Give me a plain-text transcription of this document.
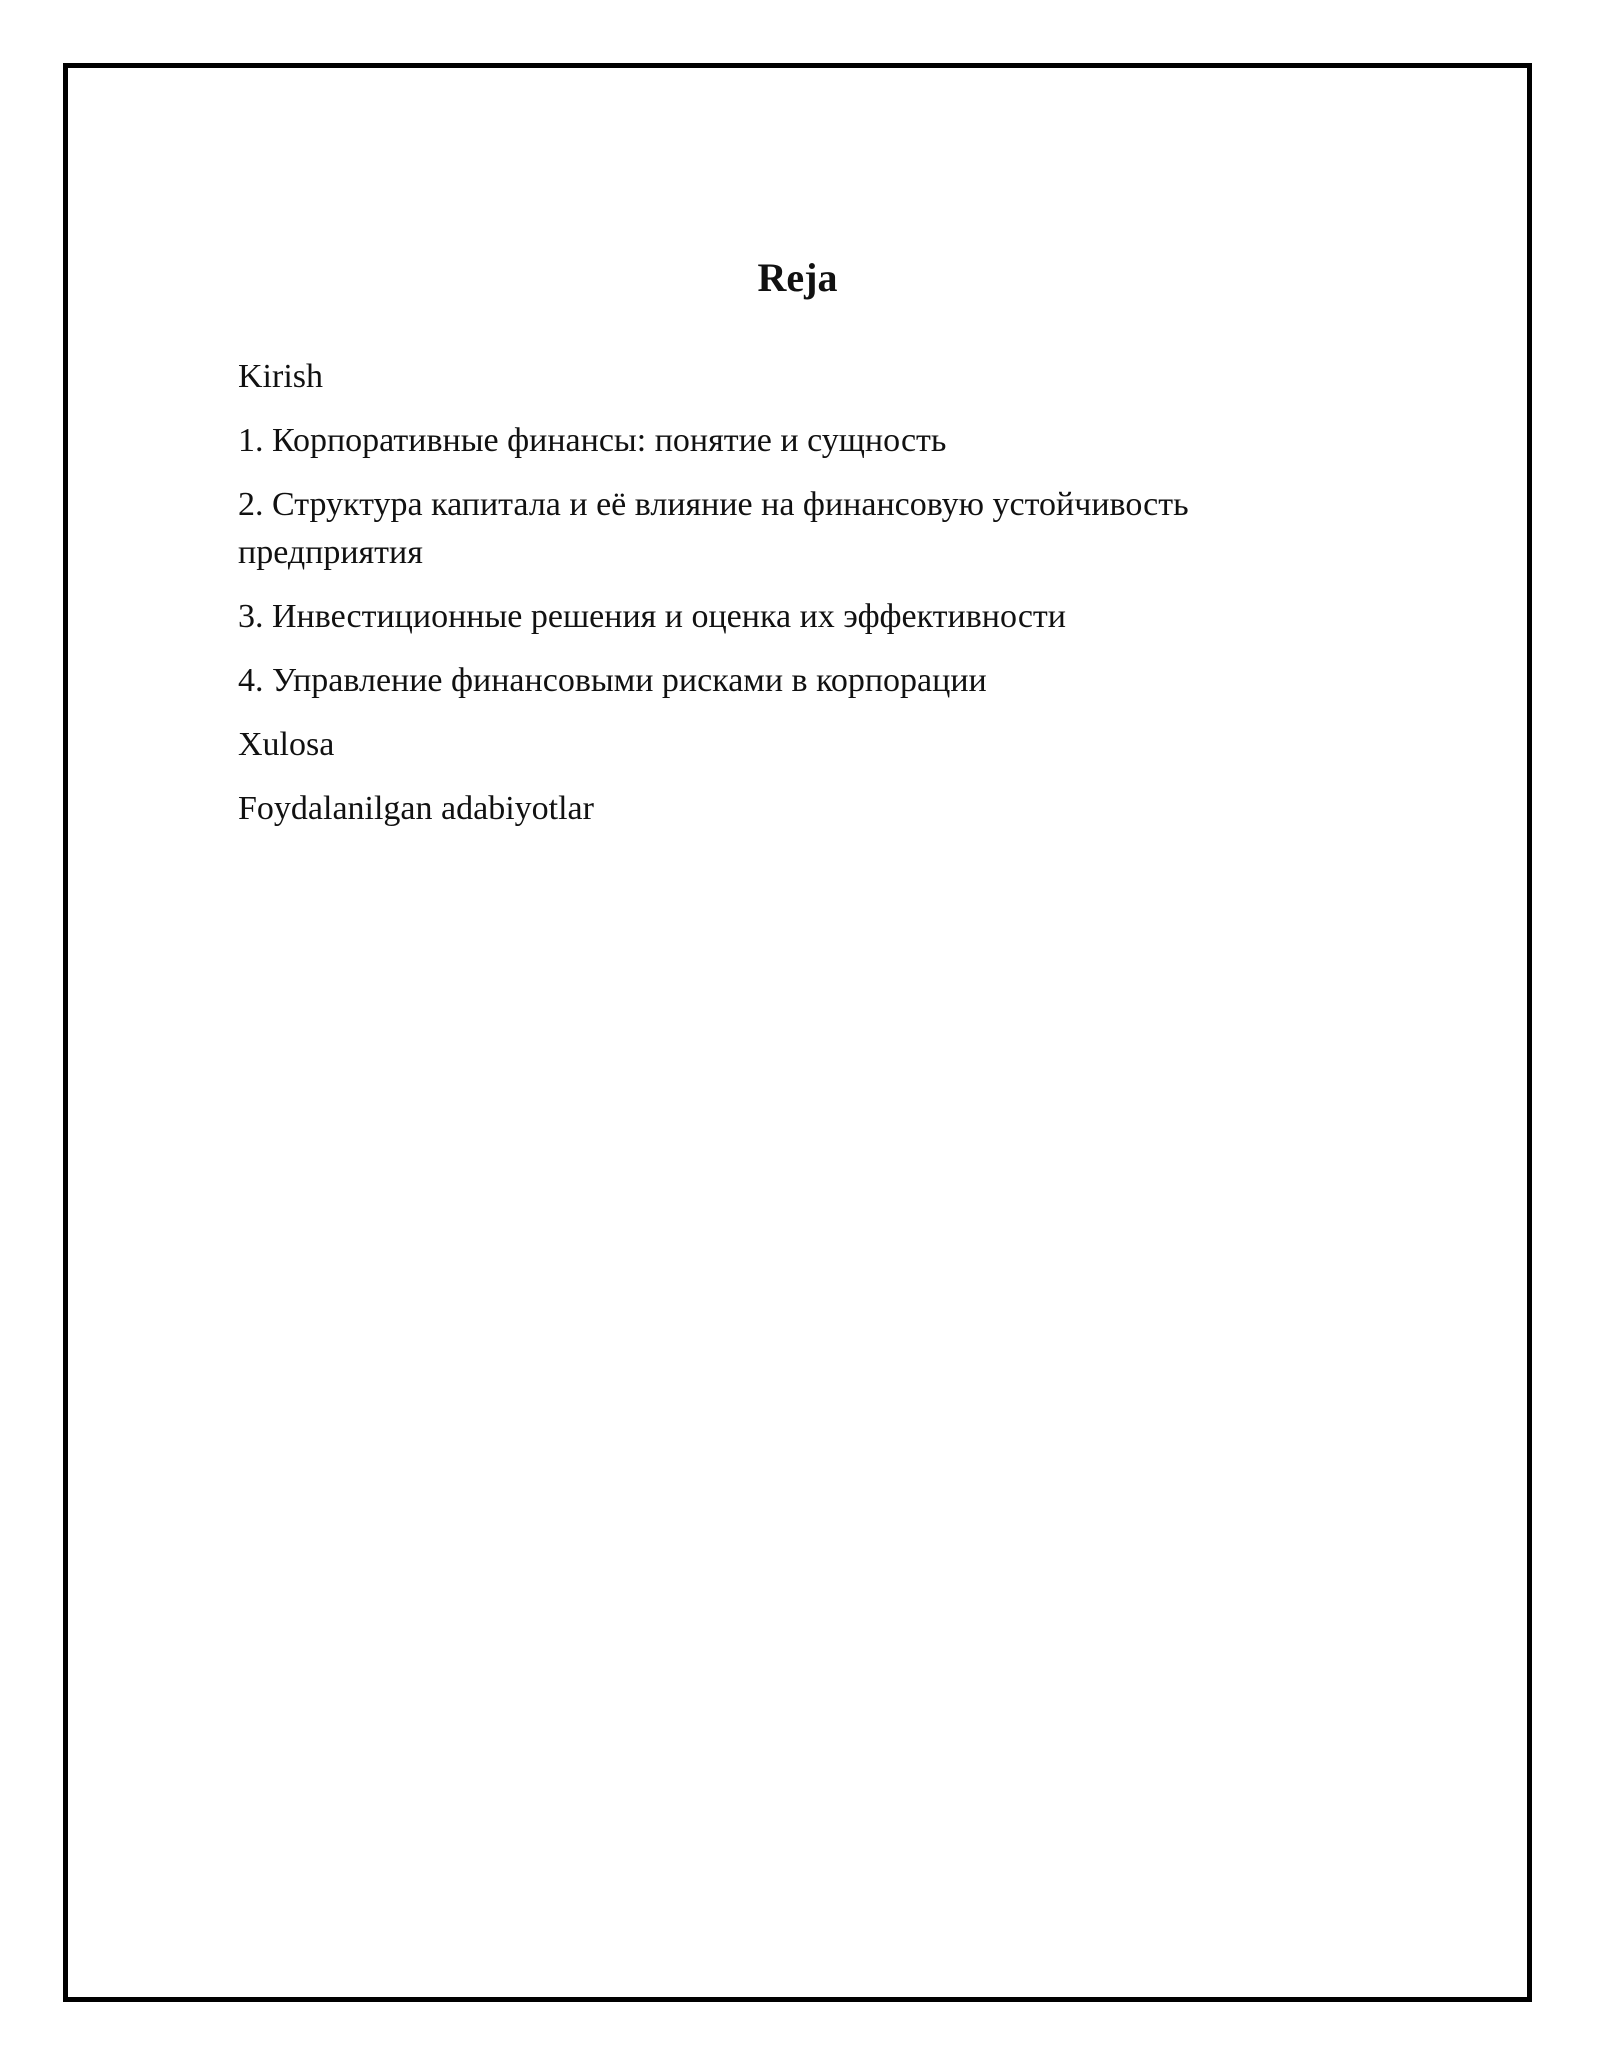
Reja
Kirish
1. Корпоративные финансы: понятие и сущность
2. Структура капитала и её влияние на финансовую устойчивость предприятия
3. Инвестиционные решения и оценка их эффективности
4. Управление финансовыми рисками в корпорации
Xulosa
Foydalanilgan adabiyotlar
